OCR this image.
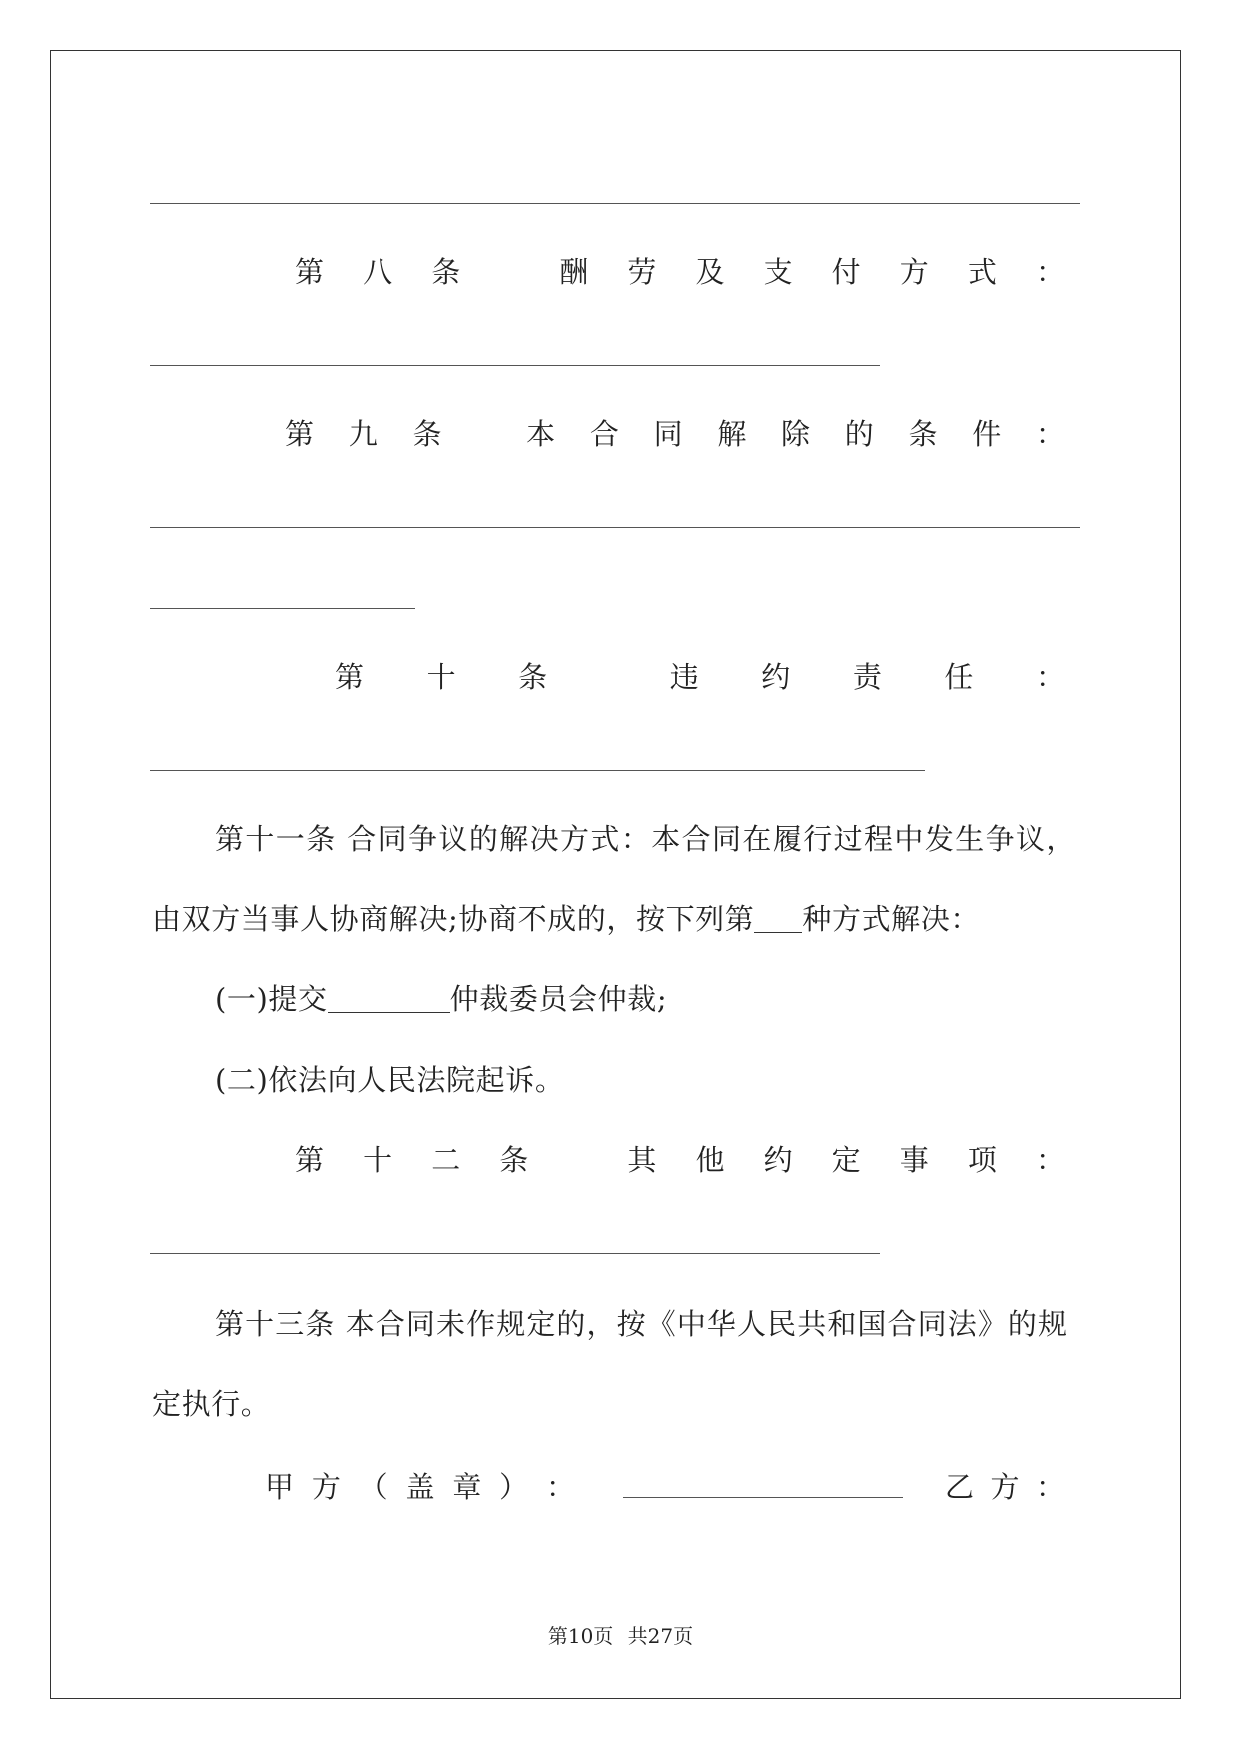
第 八 条	酬 劳 及 支 付 方 式 ：
第 九 条	本 合 同 解 除 的 条 件 ：
第 十 条	违 约 责 任 ：
第十一条 合同争议的解决方式：本合同在履行过程中发生争议，
由双方当事人协商解决;协商不成的，按下列第 种方式解决：
(一)提交	仲裁委员会仲裁;
(二)依法向人民法院起诉。
第 十 二 条	其 他 约 定 事 项 ：
第十三条 本合同未作规定的，按《中华人民共和国合同法》的规
定执行。
甲 方 （ 盖 章 ） ：	乙 方 ：
第10页 共27页
